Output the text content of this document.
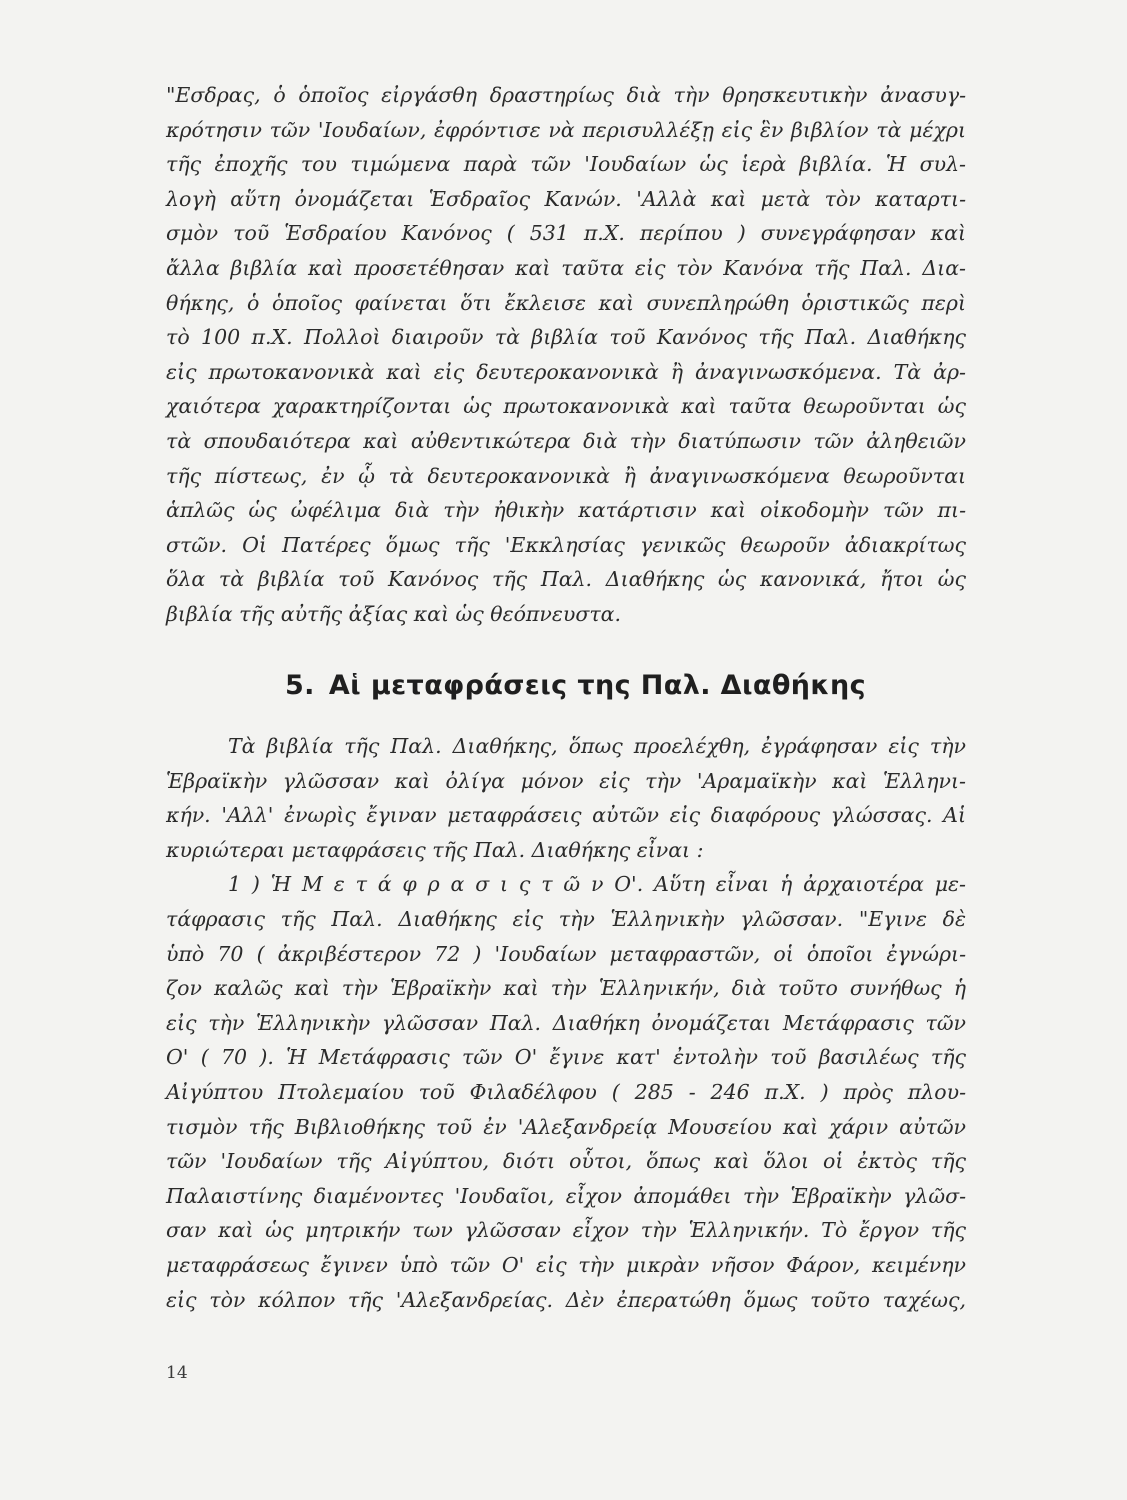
"Εσδρας, ὁ ὁποῖος εἰργάσθη δραστηρίως διὰ τὴν θρησκευτικὴν ἀνασυγ-
κρότησιν τῶν 'Ιουδαίων, ἐφρόντισε νὰ περισυλλέξῃ εἰς ἓν βιβλίον τὰ μέχρι
τῆς ἐποχῆς του τιμώμενα παρὰ τῶν 'Ιουδαίων ὡς ἱερὰ βιβλία. Ἡ συλ-
λογὴ αὕτη ὀνομάζεται Ἑσδραῖος Κανών. 'Αλλὰ καὶ μετὰ τὸν καταρτι-
σμὸν τοῦ Ἑσδραίου Κανόνος ( 531 π.Χ. περίπου ) συνεγράφησαν καὶ
ἄλλα βιβλία καὶ προσετέθησαν καὶ ταῦτα εἰς τὸν Κανόνα τῆς Παλ. Δια-
θήκης, ὁ ὁποῖος φαίνεται ὅτι ἔκλεισε καὶ συνεπληρώθη ὁριστικῶς περὶ
τὸ 100 π.Χ. Πολλοὶ διαιροῦν τὰ βιβλία τοῦ Κανόνος τῆς Παλ. Διαθήκης
εἰς πρωτοκανονικὰ καὶ εἰς δευτεροκανονικὰ ἢ ἀναγινωσκόμενα. Τὰ ἀρ-
χαιότερα χαρακτηρίζονται ὡς πρωτοκανονικὰ καὶ ταῦτα θεωροῦνται ὡς
τὰ σπουδαιότερα καὶ αὐθεντικώτερα διὰ τὴν διατύπωσιν τῶν ἀληθειῶν
τῆς πίστεως, ἐν ᾧ τὰ δευτεροκανονικὰ ἢ ἀναγινωσκόμενα θεωροῦνται
ἁπλῶς ὡς ὠφέλιμα διὰ τὴν ἠθικὴν κατάρτισιν καὶ οἰκοδομὴν τῶν πι-
στῶν. Οἱ Πατέρες ὅμως τῆς 'Εκκλησίας γενικῶς θεωροῦν ἀδιακρίτως
ὅλα τὰ βιβλία τοῦ Κανόνος τῆς Παλ. Διαθήκης ὡς κανονικά, ἤτοι ὡς
βιβλία τῆς αὐτῆς ἀξίας καὶ ὡς θεόπνευστα.
5. Αἱ μεταφράσεις της Παλ. Διαθήκης
Τὰ βιβλία τῆς Παλ. Διαθήκης, ὅπως προελέχθη, ἐγράφησαν εἰς τὴν
Ἑβραϊκὴν γλῶσσαν καὶ ὀλίγα μόνον εἰς τὴν 'Αραμαϊκὴν καὶ Ἑλληνι-
κήν. 'Αλλ' ἐνωρὶς ἔγιναν μεταφράσεις αὐτῶν εἰς διαφόρους γλώσσας. Αἱ
κυριώτεραι μεταφράσεις τῆς Παλ. Διαθήκης εἶναι :
1 ) Ἡ Μ ε τ ά φ ρ α σ ι ς τ ῶ ν Ο'. Αὕτη εἶναι ἡ ἀρχαιοτέρα με-
τάφρασις τῆς Παλ. Διαθήκης εἰς τὴν Ἑλληνικὴν γλῶσσαν. "Εγινε δὲ
ὑπὸ 70 ( ἀκριβέστερον 72 ) 'Ιουδαίων μεταφραστῶν, οἱ ὁποῖοι ἐγνώρι-
ζον καλῶς καὶ τὴν Ἑβραϊκὴν καὶ τὴν Ἑλληνικήν, διὰ τοῦτο συνήθως ἡ
εἰς τὴν Ἑλληνικὴν γλῶσσαν Παλ. Διαθήκη ὀνομάζεται Μετάφρασις τῶν
Ο' ( 70 ). Ἡ Μετάφρασις τῶν Ο' ἔγινε κατ' ἐντολὴν τοῦ βασιλέως τῆς
Αἰγύπτου Πτολεμαίου τοῦ Φιλαδέλφου ( 285 - 246 π.Χ. ) πρὸς πλου-
τισμὸν τῆς Βιβλιοθήκης τοῦ ἐν 'Αλεξανδρείᾳ Μουσείου καὶ χάριν αὐτῶν
τῶν 'Ιουδαίων τῆς Αἰγύπτου, διότι οὗτοι, ὅπως καὶ ὅλοι οἱ ἐκτὸς τῆς
Παλαιστίνης διαμένοντες 'Ιουδαῖοι, εἶχον ἀπομάθει τὴν Ἑβραϊκὴν γλῶσ-
σαν καὶ ὡς μητρικήν των γλῶσσαν εἶχον τὴν Ἑλληνικήν. Τὸ ἔργον τῆς
μεταφράσεως ἔγινεν ὑπὸ τῶν Ο' εἰς τὴν μικρὰν νῆσον Φάρον, κειμένην
εἰς τὸν κόλπον τῆς 'Αλεξανδρείας. Δὲν ἐπερατώθη ὅμως τοῦτο ταχέως,

14
